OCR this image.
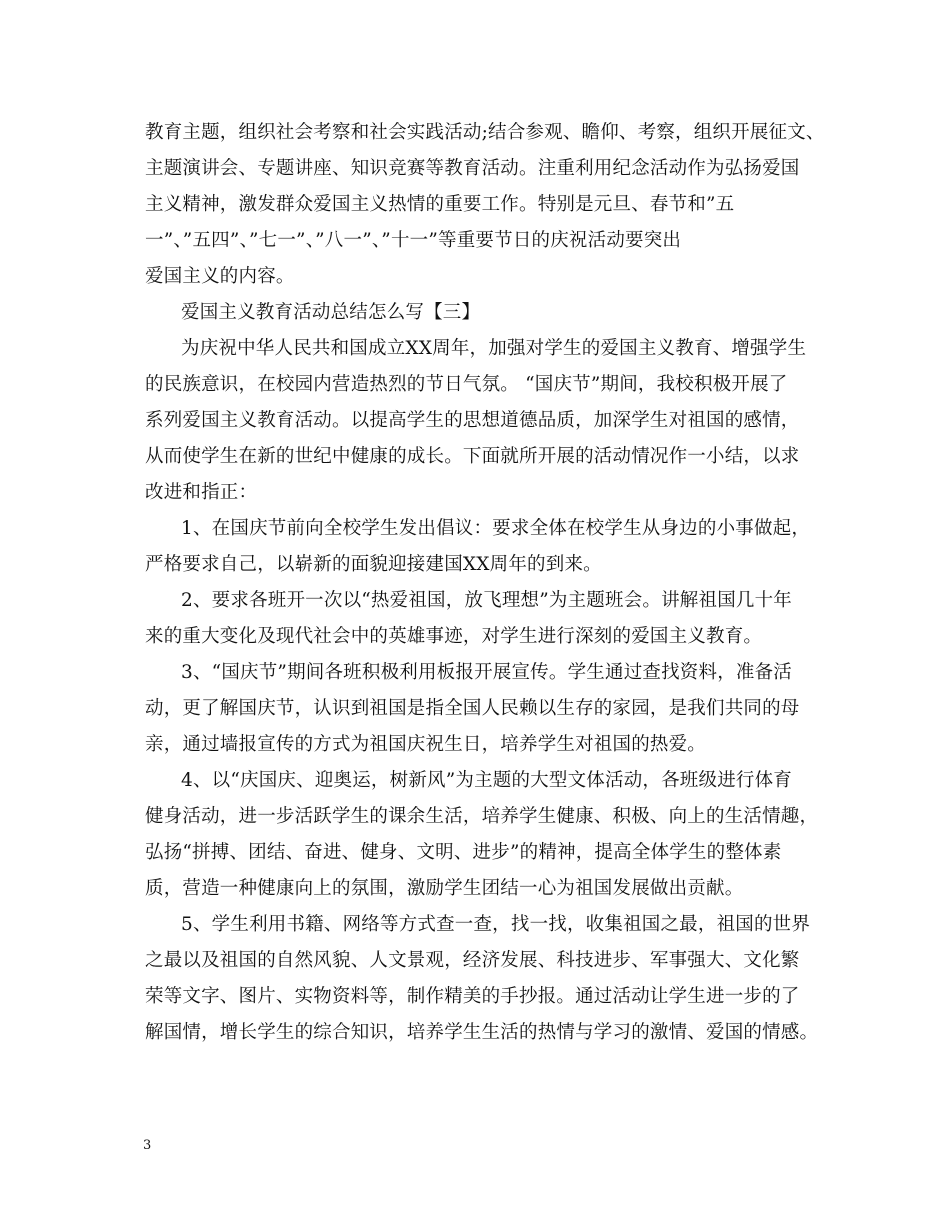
教育主题，组织社会考察和社会实践活动;结合参观、瞻仰、考察，组织开展征文、
主题演讲会、专题讲座、知识竞赛等教育活动。注重利用纪念活动作为弘扬爱国
主义精神，激发群众爱国主义热情的重要工作。特别是元旦、春节和”五
一”、”五四”、”七一”、”八一”、”十一”等重要节日的庆祝活动要突出
爱国主义的内容。
爱国主义教育活动总结怎么写【三】
为庆祝中华人民共和国成立XX周年，加强对学生的爱国主义教育、增强学生
的民族意识，在校园内营造热烈的节日气氛。 “国庆节”期间，我校积极开展了
系列爱国主义教育活动。以提高学生的思想道德品质，加深学生对祖国的感情，
从而使学生在新的世纪中健康的成长。下面就所开展的活动情况作一小结，以求
改进和指正：
1、在国庆节前向全校学生发出倡议：要求全体在校学生从身边的小事做起，
严格要求自己，以崭新的面貌迎接建国XX周年的到来。
2、要求各班开一次以“热爱祖国，放飞理想”为主题班会。讲解祖国几十年
来的重大变化及现代社会中的英雄事迹，对学生进行深刻的爱国主义教育。
3、“国庆节”期间各班积极利用板报开展宣传。学生通过查找资料，准备活
动，更了解国庆节，认识到祖国是指全国人民赖以生存的家园，是我们共同的母
亲，通过墙报宣传的方式为祖国庆祝生日，培养学生对祖国的热爱。
4、以“庆国庆、迎奥运，树新风”为主题的大型文体活动，各班级进行体育
健身活动，进一步活跃学生的课余生活，培养学生健康、积极、向上的生活情趣，
弘扬“拼搏、团结、奋进、健身、文明、进步”的精神，提高全体学生的整体素
质，营造一种健康向上的氛围，激励学生团结一心为祖国发展做出贡献。
5、学生利用书籍、网络等方式查一查，找一找，收集祖国之最，祖国的世界
之最以及祖国的自然风貌、人文景观，经济发展、科技进步、军事强大、文化繁
荣等文字、图片、实物资料等，制作精美的手抄报。通过活动让学生进一步的了
解国情，增长学生的综合知识，培养学生生活的热情与学习的激情、爱国的情感。
3
